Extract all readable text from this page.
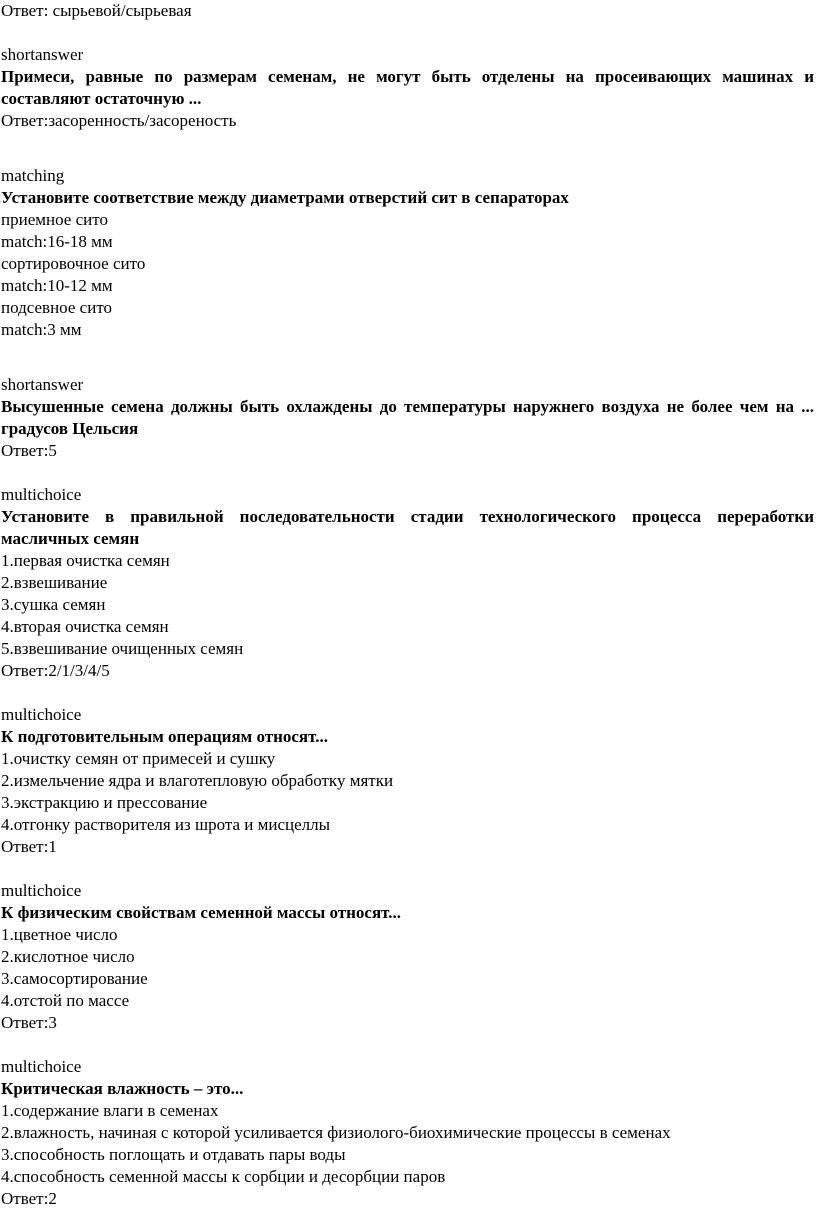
Ответ: сырьевой/сырьевая

shortanswer

Примеси, равные по размерам семенам, не могут быть отделены на просеивающих машинах и составляют остаточную ...

Ответ:засоренность/засореность

matching

Установите соответствие между диаметрами отверстий сит в сепараторах

приемное сито

match:16-18 мм

сортировочное сито

match:10-12 мм

подсевное сито

match:3 мм

shortanswer

Высушенные семена должны быть охлаждены до температуры наружнего воздуха не более чем на ... градусов Цельсия

Ответ:5

multichoice

Установите в правильной последовательности стадии технологического процесса переработки масличных семян

1.первая очистка семян

2.взвешивание

3.сушка семян

4.вторая очистка семян

5.взвешивание очищенных семян

Ответ:2/1/3/4/5

multichoice

К подготовительным операциям относят...

1.очистку семян от примесей и сушку

2.измельчение ядра и влаготепловую обработку мятки

3.экстракцию и прессование

4.отгонку растворителя из шрота и мисцеллы

Ответ:1

multichoice

К физическим свойствам семенной массы относят...

1.цветное число

2.кислотное число

3.самосортирование

4.отстой по массе

Ответ:3

multichoice

Критическая влажность – это...

1.содержание влаги в семенах

2.влажность, начиная с которой усиливается физиолого-биохимические процессы в семенах

3.способность поглощать и отдавать пары воды

4.способность семенной массы к сорбции и десорбции паров

Ответ:2
